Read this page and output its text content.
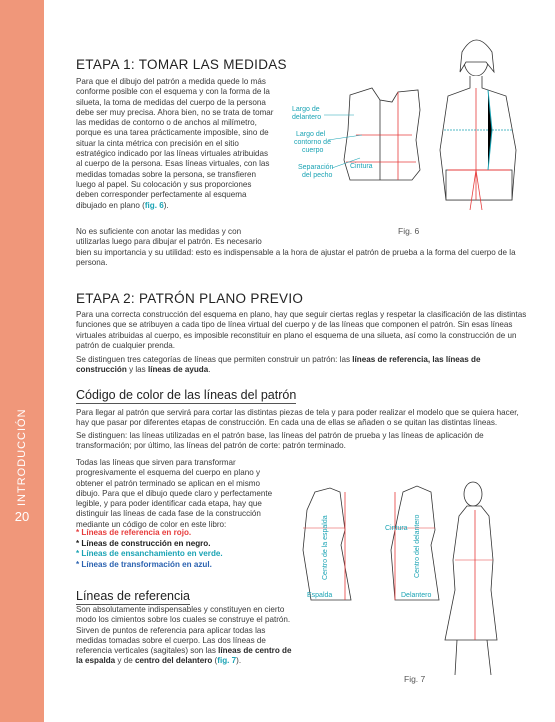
20
ETAPA 1: TOMAR LAS MEDIDAS

Para que el dibujo del patrón a medida quede lo más conforme posible con el esquema y con la forma de la silueta, la toma de medidas del cuerpo de la persona debe ser muy precisa. Ahora bien, no se trata de tomar las medidas de contorno o de anchos al milímetro, porque es una tarea prácticamente imposible, sino de situar la cinta métrica con precisión en el sitio estratégico indicado por las líneas virtuales atribuidas al cuerpo de la persona. Esas líneas virtuales, con las medidas tomadas sobre la persona, se transfieren luego al papel. Su colocación y sus proporciones deben corresponder perfectamente al esquema dibujado en plano (fig. 6).

No es suficiente con anotar las medidas y con utilizarlas luego para dibujar el patrón. Es necesario

bien su importancia y su utilidad: esto es indispensable a la hora de ajustar el patrón de prueba a la forma del cuerpo de la persona.

Largo de delantero
Largo del contorno de cuerpo
Separación del pecho
Cintura
Fig. 6
ETAPA 2: PATRÓN PLANO PREVIO

Para una correcta construcción del esquema en plano, hay que seguir ciertas reglas y respetar la clasificación de las distintas funciones que se atribuyen a cada tipo de línea virtual del cuerpo y de las líneas que componen el patrón. Sin esas líneas virtuales atribuidas al cuerpo, es imposible reconstituir en plano el esquema de una silueta, así como la construcción de un patrón de cualquier prenda.

Se distinguen tres categorías de líneas que permiten construir un patrón: las líneas de referencia, las líneas de construcción y las líneas de ayuda.

Código de color de las líneas del patrón

Para llegar al patrón que servirá para cortar las distintas piezas de tela y para poder realizar el modelo que se quiera hacer, hay que pasar por diferentes etapas de construcción. En cada una de ellas se añaden o se quitan las distintas líneas.

Se distinguen: las líneas utilizadas en el patrón base, las líneas del patrón de prueba y las líneas de aplicación de transformación; por último, las líneas del patrón de corte: patrón terminado.

Todas las líneas que sirven para transformar progresivamente el esquema del cuerpo en plano y obtener el patrón terminado se aplican en el mismo dibujo. Para que el dibujo quede claro y perfectamente legible, y para poder identificar cada etapa, hay que distinguir las líneas de cada fase de la construcción mediante un código de color en este libro:

* Líneas de referencia en rojo.
* Líneas de construcción en negro.
* Líneas de ensanchamiento en verde.
* Líneas de transformación en azul.
Líneas de referencia

Son absolutamente indispensables y constituyen en cierto modo los cimientos sobre los cuales se construye el patrón. Sirven de puntos de referencia para aplicar todas las medidas tomadas sobre el cuerpo. Las dos líneas de referencia verticales (sagitales) son las líneas de centro de la espalda y de centro del delantero (fig. 7).

Centro de la espalda
Espalda
Cintura Centro del delantero
Delantero
Fig. 7
